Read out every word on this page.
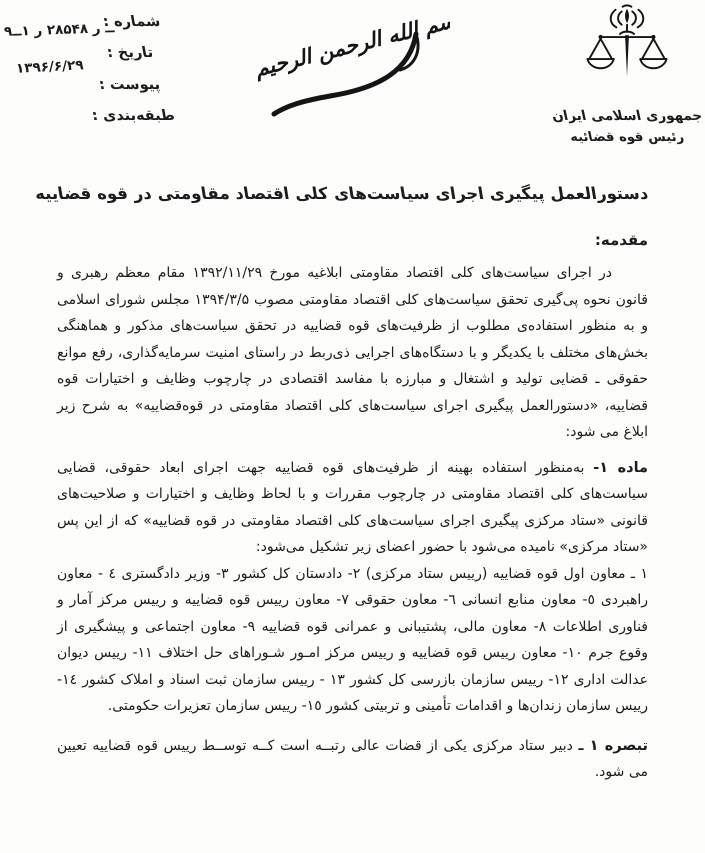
شماره :
۹ــ ر ۲۸۵۴۸ ر ۱ــ
تاریخ :
۱۳۹۶/۶/۲۹
پیوست :
طبقه‌بندی :
بسم الله الرحمن الرحیم
جمهوری اسلامی ایران
رئیس قوه قضائیه
دستورالعمل پیگیری اجرای سیاست‌های کلی اقتصاد مقاومتی در قوه قضاییه
مقدمه:

در اجرای سیاست‌های کلی اقتصاد مقاومتی ابلاغیه مورخ ۱۳۹۲/۱۱/۲۹ مقام معظم رهبری و قانون نحوه پی‌گیری تحقق سیاست‌های کلی اقتصاد مقاومتی مصوب ۱۳۹۴/۳/۵ مجلس شورای اسلامی و به منظور استفاده‌ی مطلوب از ظرفیت‌های قوه قضاییه در تحقق سیاست‌های مذکور و هماهنگی بخش‌های مختلف با یکدیگر و با دستگاه‌های اجرایی ذی‌ربط در راستای امنیت سرمایه‌گذاری، رفع موانع حقوقی ـ قضایی تولید و اشتغال و مبارزه با مفاسد اقتصادی در چارچوب وظایف و اختیارات قوه قضاییه، «دستورالعمل پیگیری اجرای سیاست‌های کلی اقتصاد مقاومتی در قوه‌قضاییه» به شرح زیر ابلاغ می شود:

ماده ۱- به‌منظور استفاده بهینه از ظرفیت‌های قوه قضاییه جهت اجرای ابعاد حقوقی، قضایی سیاست‌های کلی اقتصاد مقاومتی در چارچوب مقررات و با لحاظ وظایف و اختیارات و صلاحیت‌های قانونی «ستاد مرکزی پیگیری اجرای سیاست‌های کلی اقتصاد مقاومتی در قوه قضاییه» که از این پس «ستاد مرکزی» نامیده می‌شود با حضور اعضای زیر تشکیل می‌شود:

۱ ـ معاون اول قوه قضاییه (رییس ستاد مرکزی) ۲- دادستان کل کشور ۳- وزیر دادگستری ٤ - معاون راهبردی ٥- معاون منابع انسانی ٦- معاون حقوقی ۷- معاون رییس قوه قضاییه و رییس مرکز آمار و فناوری اطلاعات ۸- معاون مالی، پشتیبانی و عمرانی قوه قضاییه ۹- معاون اجتماعی و پیشگیری از وقوع جرم ۱۰- معاون رییس قوه قضاییه و رییس مرکز امـور شـوراهای حل اختلاف ۱۱- رییس دیوان عدالت اداری ۱۲- رییس سازمان بازرسی کل کشور ۱۳ - رییس سازمان ثبت اسناد و املاک کشور ۱٤- رییس سازمان زندان‌ها و اقدامات تأمینی و تربیتی کشور ۱٥- رییس سازمان تعزیرات حکومتی.

تبصره ۱ ـ دبیر ستاد مرکزی یکی از قضات عالی رتبــه است کــه توســط رییس قوه قضاییه تعیین می شود.
